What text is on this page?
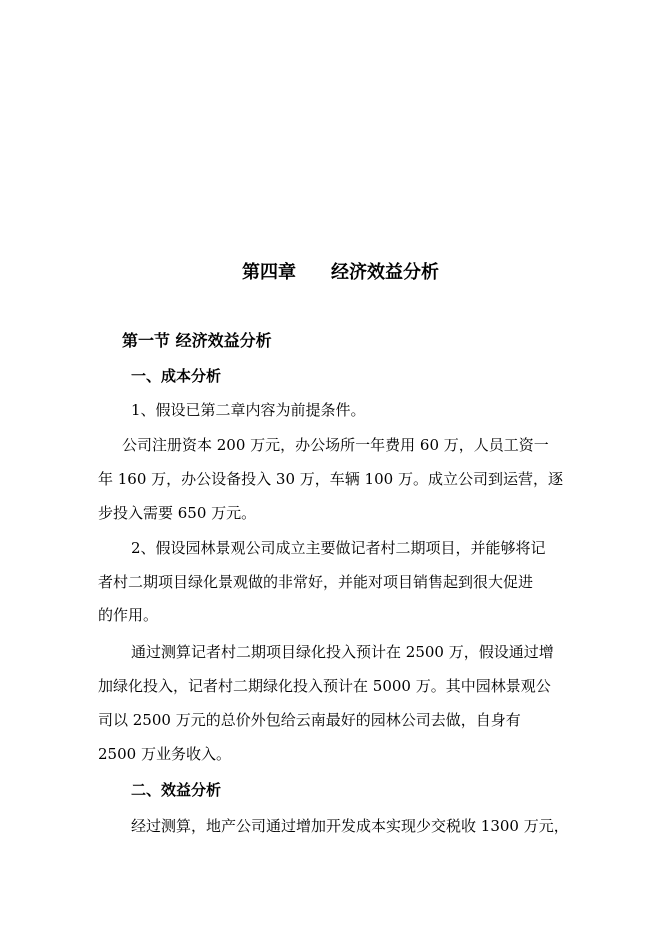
第四章 经济效益分析
第一节 经济效益分析
一、成本分析
1、假设已第二章内容为前提条件。
公司注册资本 200 万元，办公场所一年费用 60 万，人员工资一
年 160 万，办公设备投入 30 万，车辆 100 万。成立公司到运营，逐
步投入需要 650 万元。
2、假设园林景观公司成立主要做记者村二期项目，并能够将记
者村二期项目绿化景观做的非常好，并能对项目销售起到很大促进
的作用。
通过测算记者村二期项目绿化投入预计在 2500 万，假设通过增
加绿化投入，记者村二期绿化投入预计在 5000 万。其中园林景观公
司以 2500 万元的总价外包给云南最好的园林公司去做，自身有
2500 万业务收入。
二、效益分析
经过测算，地产公司通过增加开发成本实现少交税收 1300 万元，
